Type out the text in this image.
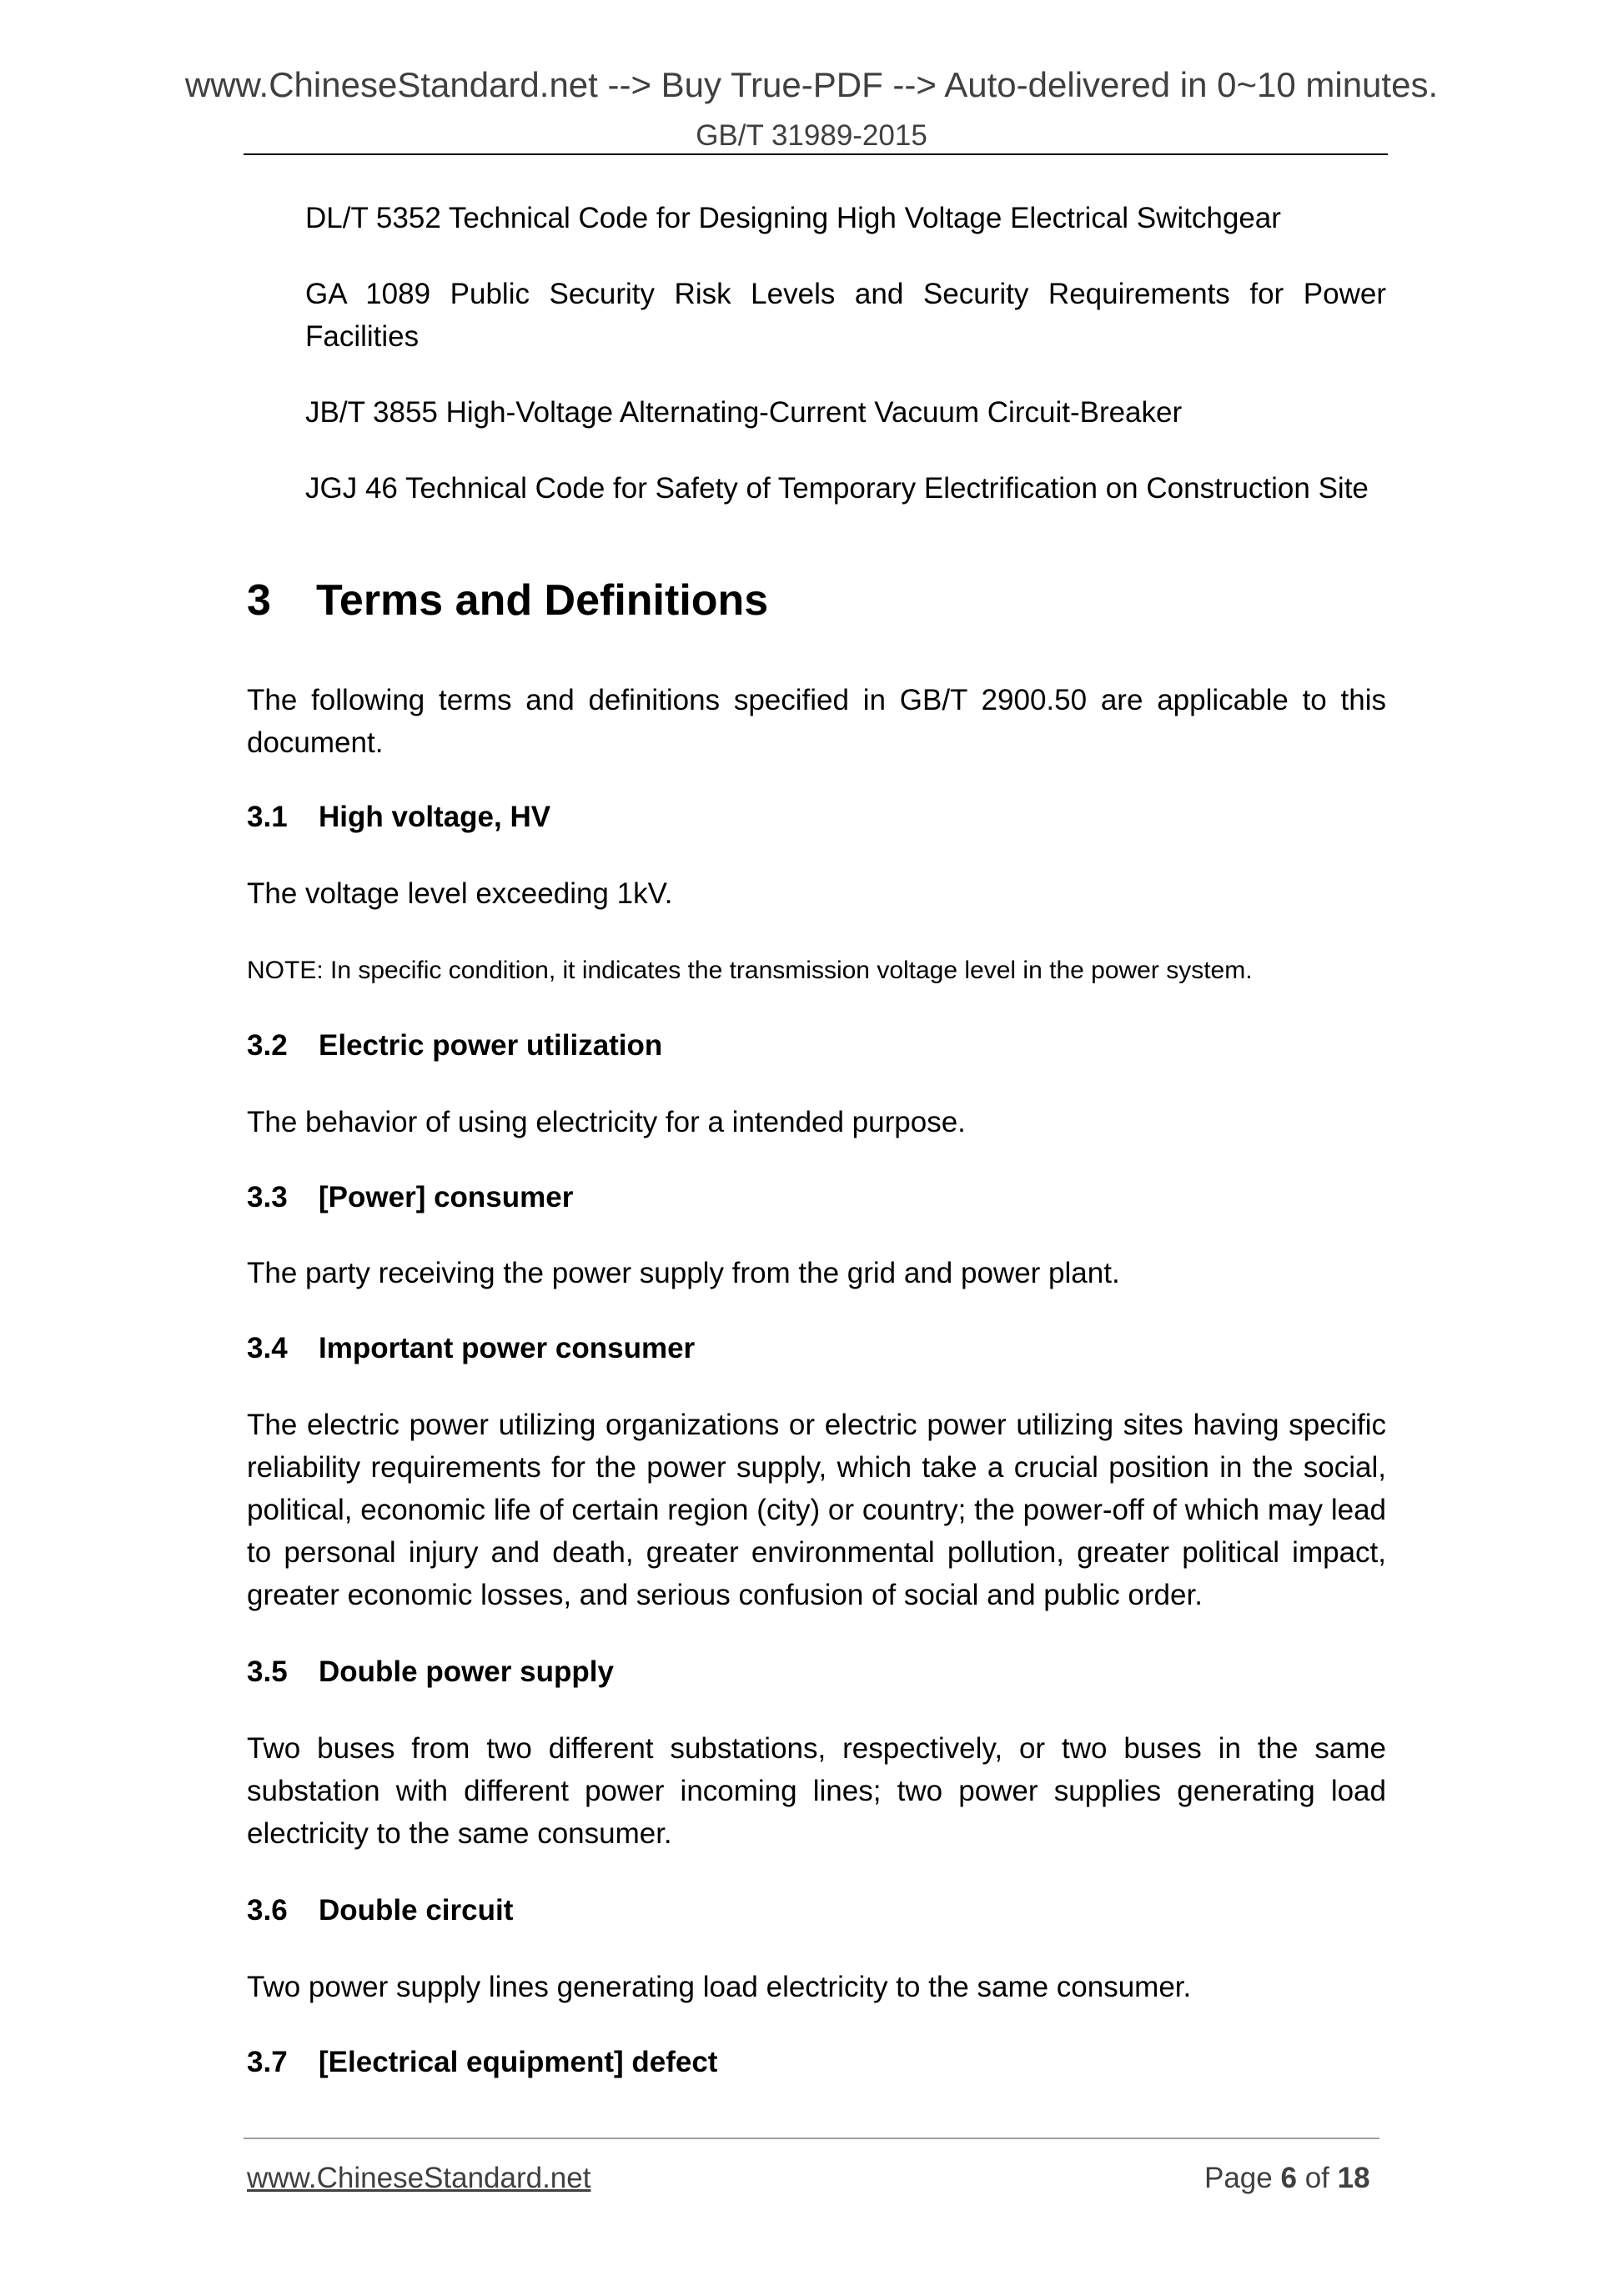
www.ChineseStandard.net --> Buy True-PDF --> Auto-delivered in 0~10 minutes.
GB/T 31989-2015

DL/T 5352 Technical Code for Designing High Voltage Electrical Switchgear

GA 1089 Public Security Risk Levels and Security Requirements for Power Facilities

JB/T 3855 High-Voltage Alternating-Current Vacuum Circuit-Breaker

JGJ 46 Technical Code for Safety of Temporary Electrification on Construction Site

3 Terms and Definitions

The following terms and definitions specified in GB/T 2900.50 are applicable to this document.

3.1 High voltage, HV

The voltage level exceeding 1kV.

NOTE: In specific condition, it indicates the transmission voltage level in the power system.

3.2 Electric power utilization

The behavior of using electricity for a intended purpose.

3.3 [Power] consumer

The party receiving the power supply from the grid and power plant.

3.4 Important power consumer

The electric power utilizing organizations or electric power utilizing sites having specific reliability requirements for the power supply, which take a crucial position in the social, political, economic life of certain region (city) or country; the power-off of which may lead to personal injury and death, greater environmental pollution, greater political impact, greater economic losses, and serious confusion of social and public order.

3.5 Double power supply

Two buses from two different substations, respectively, or two buses in the same substation with different power incoming lines; two power supplies generating load electricity to the same consumer.

3.6 Double circuit

Two power supply lines generating load electricity to the same consumer.

3.7 [Electrical equipment] defect
www.ChineseStandard.net	Page 6 of 18
